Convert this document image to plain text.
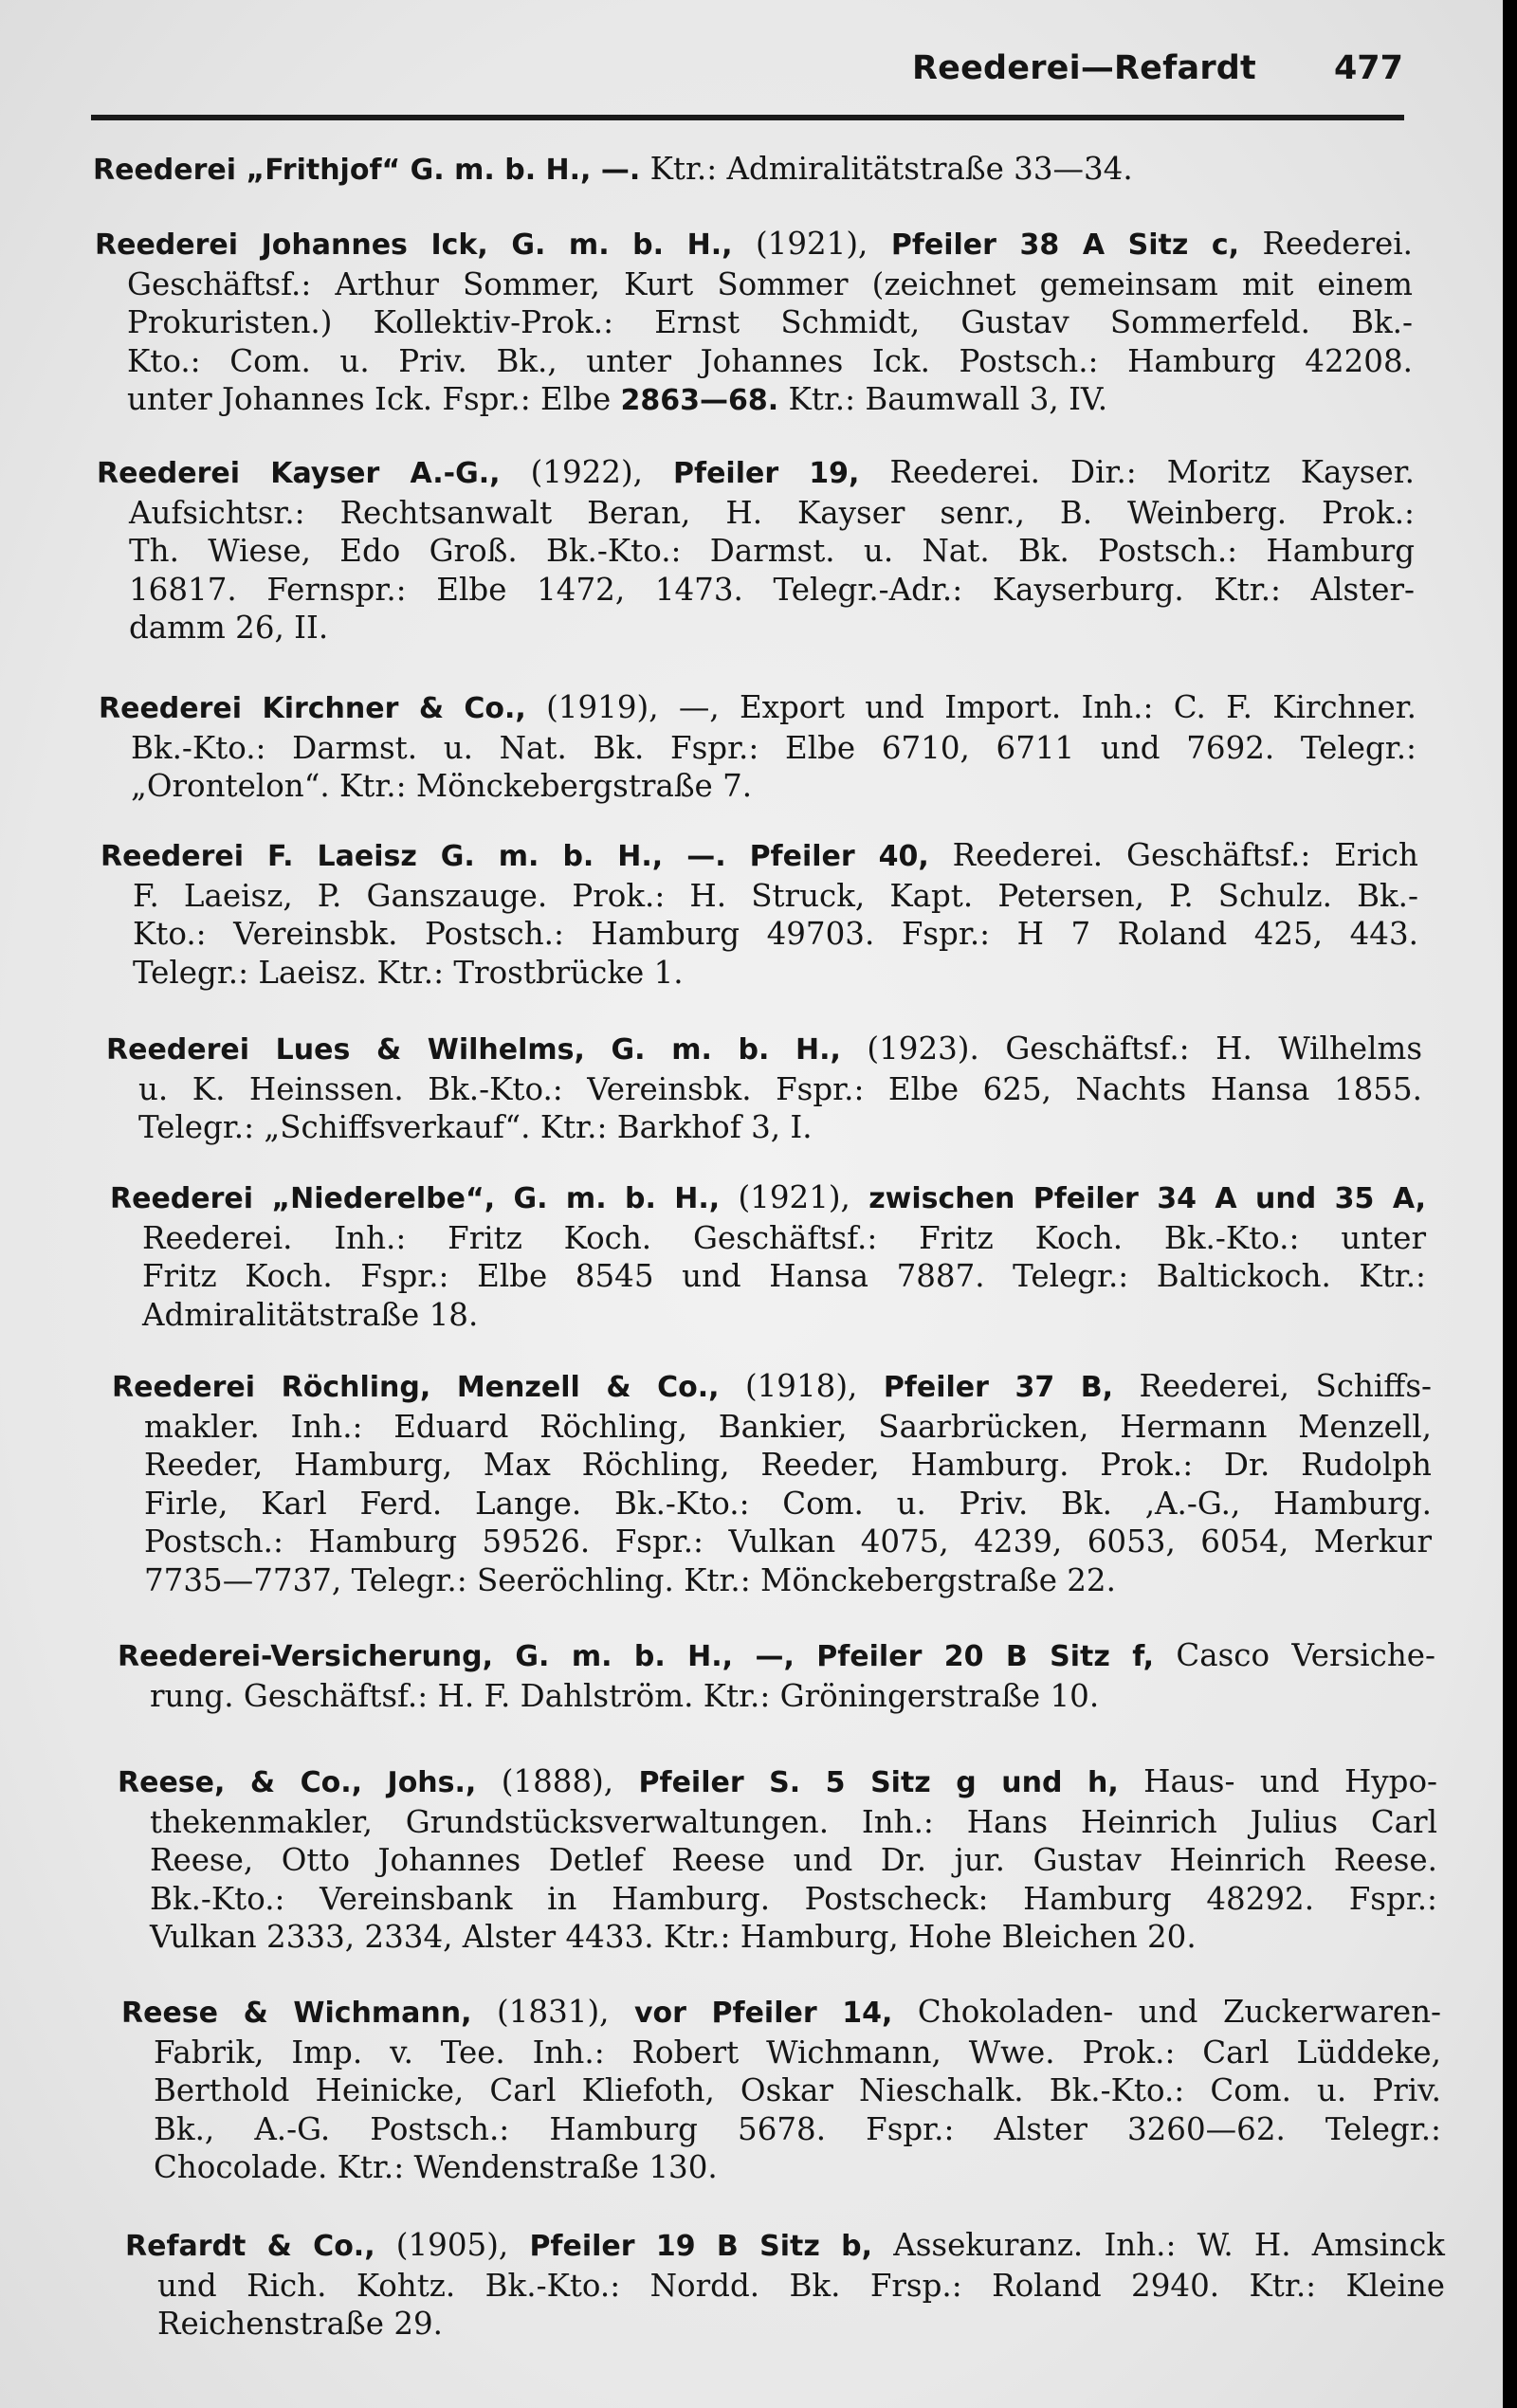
Reederei—Refardt 477
Reederei „Frithjof“ G. m. b. H., —. Ktr.: Admiralitätstraße 33—34.
Reederei Johannes Ick, G. m. b. H., (1921), Pfeiler 38 A Sitz c, Reederei.
Geschäftsf.: Arthur Sommer, Kurt Sommer (zeichnet gemeinsam mit einem
Prokuristen.) Kollektiv-Prok.: Ernst Schmidt, Gustav Sommerfeld. Bk.-
Kto.: Com. u. Priv. Bk., unter Johannes Ick. Postsch.: Hamburg 42208.
unter Johannes Ick. Fspr.: Elbe 2863—68. Ktr.: Baumwall 3, IV.
Reederei Kayser A.-G., (1922), Pfeiler 19, Reederei. Dir.: Moritz Kayser.
Aufsichtsr.: Rechtsanwalt Beran, H. Kayser senr., B. Weinberg. Prok.:
Th. Wiese, Edo Groß. Bk.-Kto.: Darmst. u. Nat. Bk. Postsch.: Hamburg
16817. Fernspr.: Elbe 1472, 1473. Telegr.-Adr.: Kayserburg. Ktr.: Alster-
damm 26, II.
Reederei Kirchner & Co., (1919), —, Export und Import. Inh.: C. F. Kirchner.
Bk.-Kto.: Darmst. u. Nat. Bk. Fspr.: Elbe 6710, 6711 und 7692. Telegr.:
„Orontelon“. Ktr.: Mönckebergstraße 7.
Reederei F. Laeisz G. m. b. H., —. Pfeiler 40, Reederei. Geschäftsf.: Erich
F. Laeisz, P. Ganszauge. Prok.: H. Struck, Kapt. Petersen, P. Schulz. Bk.-
Kto.: Vereinsbk. Postsch.: Hamburg 49703. Fspr.: H 7 Roland 425, 443.
Telegr.: Laeisz. Ktr.: Trostbrücke 1.
Reederei Lues & Wilhelms, G. m. b. H., (1923). Geschäftsf.: H. Wilhelms
u. K. Heinssen. Bk.-Kto.: Vereinsbk. Fspr.: Elbe 625, Nachts Hansa 1855.
Telegr.: „Schiffsverkauf“. Ktr.: Barkhof 3, I.
Reederei „Niederelbe“, G. m. b. H., (1921), zwischen Pfeiler 34 A und 35 A,
Reederei. Inh.: Fritz Koch. Geschäftsf.: Fritz Koch. Bk.-Kto.: unter
Fritz Koch. Fspr.: Elbe 8545 und Hansa 7887. Telegr.: Baltickoch. Ktr.:
Admiralitätstraße 18.
Reederei Röchling, Menzell & Co., (1918), Pfeiler 37 B, Reederei, Schiffs-
makler. Inh.: Eduard Röchling, Bankier, Saarbrücken, Hermann Menzell,
Reeder, Hamburg, Max Röchling, Reeder, Hamburg. Prok.: Dr. Rudolph
Firle, Karl Ferd. Lange. Bk.-Kto.: Com. u. Priv. Bk. ,A.-G., Hamburg.
Postsch.: Hamburg 59526. Fspr.: Vulkan 4075, 4239, 6053, 6054, Merkur
7735—7737, Telegr.: Seeröchling. Ktr.: Mönckebergstraße 22.
Reederei-Versicherung, G. m. b. H., —, Pfeiler 20 B Sitz f, Casco Versiche-
rung. Geschäftsf.: H. F. Dahlström. Ktr.: Gröningerstraße 10.
Reese, & Co., Johs., (1888), Pfeiler S. 5 Sitz g und h, Haus- und Hypo-
thekenmakler, Grundstücksverwaltungen. Inh.: Hans Heinrich Julius Carl
Reese, Otto Johannes Detlef Reese und Dr. jur. Gustav Heinrich Reese.
Bk.-Kto.: Vereinsbank in Hamburg. Postscheck: Hamburg 48292. Fspr.:
Vulkan 2333, 2334, Alster 4433. Ktr.: Hamburg, Hohe Bleichen 20.
Reese & Wichmann, (1831), vor Pfeiler 14, Chokoladen- und Zuckerwaren-
Fabrik, Imp. v. Tee. Inh.: Robert Wichmann, Wwe. Prok.: Carl Lüddeke,
Berthold Heinicke, Carl Kliefoth, Oskar Nieschalk. Bk.-Kto.: Com. u. Priv.
Bk., A.-G. Postsch.: Hamburg 5678. Fspr.: Alster 3260—62. Telegr.:
Chocolade. Ktr.: Wendenstraße 130.
Refardt & Co., (1905), Pfeiler 19 B Sitz b, Assekuranz. Inh.: W. H. Amsinck
und Rich. Kohtz. Bk.-Kto.: Nordd. Bk. Frsp.: Roland 2940. Ktr.: Kleine
Reichenstraße 29.
